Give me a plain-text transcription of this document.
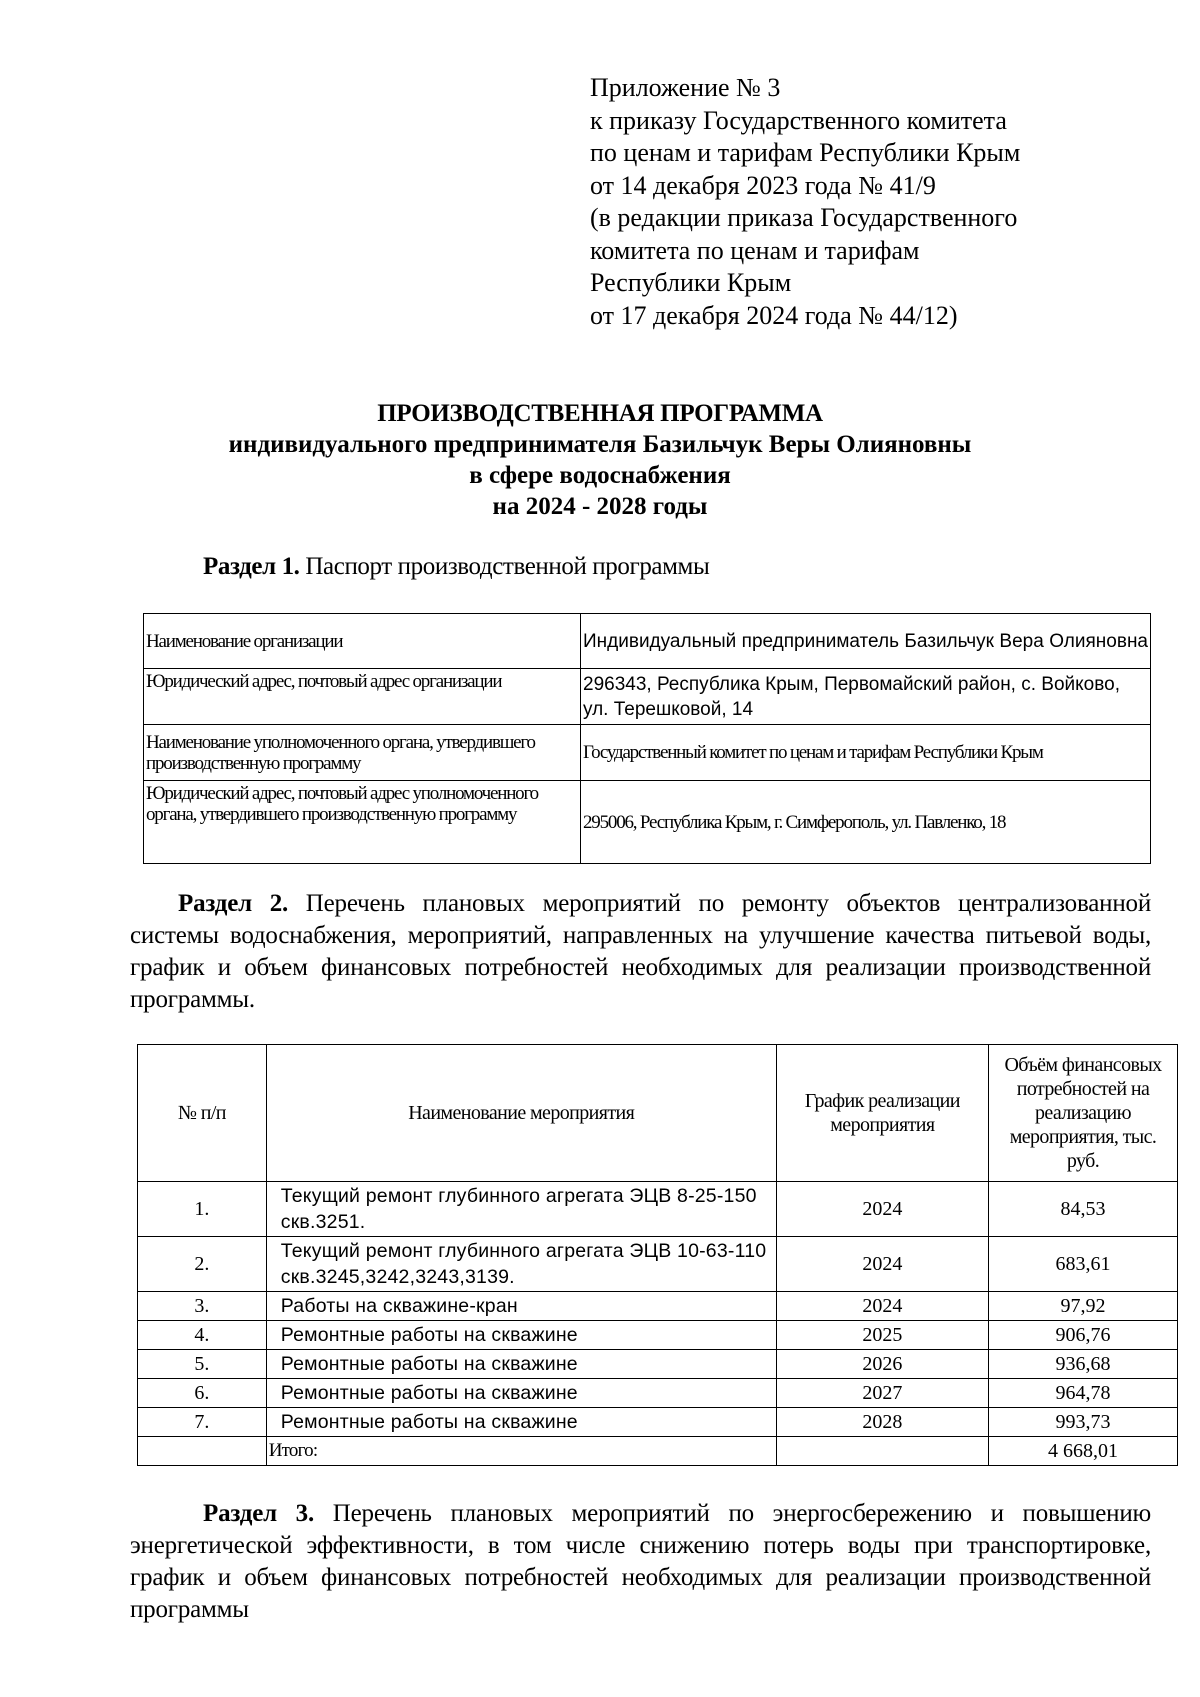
Приложение № 3
к приказу Государственного комитета
по ценам и тарифам Республики Крым
от 14 декабря 2023 года № 41/9
(в редакции приказа Государственного
комитета по ценам и тарифам
Республики Крым
от 17 декабря 2024 года № 44/12)
ПРОИЗВОДСТВЕННАЯ ПРОГРАММА
индивидуального предпринимателя Базильчук Веры Олияновны
в сфере водоснабжения
на 2024 - 2028 годы
Раздел 1. Паспорт производственной программы
Наименование организации	Индивидуальный предприниматель Базильчук Вера Олияновна
Юридический адрес, почтовый адрес организации	296343, Республика Крым, Первомайский район, с. Войково, ул. Терешковой, 14
Наименование уполномоченного органа, утвердившего производственную программу	Государственный комитет по ценам и тарифам Республики Крым
Юридический адрес, почтовый адрес уполномоченного органа, утвердившего производственную программу	295006, Республика Крым, г. Симферополь, ул. Павленко, 18
Раздел 2. Перечень плановых мероприятий по ремонту объектов централизованной системы водоснабжения, мероприятий, направленных на улучшение качества питьевой воды, график и объем финансовых потребностей необходимых для реализации производственной программы.
№ п/п	Наименование мероприятия	График реализации мероприятия	Объём финансовых потребностей на реализацию мероприятия, тыс. руб.
1.	Текущий ремонт глубинного агрегата ЭЦВ 8-25-150 скв.3251.	2024	84,53
2.	Текущий ремонт глубинного агрегата ЭЦВ 10-63-110 скв.3245,3242,3243,3139.	2024	683,61
3.	Работы на скважине-кран	2024	97,92
4.	Ремонтные работы на скважине	2025	906,76
5.	Ремонтные работы на скважине	2026	936,68
6.	Ремонтные работы на скважине	2027	964,78
7.	Ремонтные работы на скважине	2028	993,73
	Итого:		4 668,01
Раздел 3. Перечень плановых мероприятий по энергосбережению и повышению энергетической эффективности, в том числе снижению потерь воды при транспортировке, график и объем финансовых потребностей необходимых для реализации производственной программы
